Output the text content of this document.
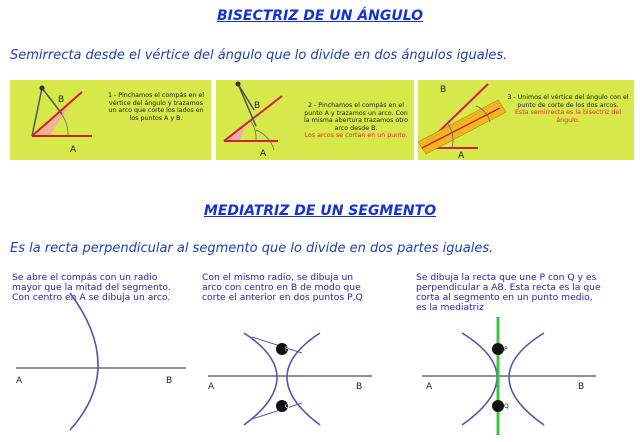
BISECTRIZ DE UN ÁNGULO
Semirrecta desde el vértice del ángulo que lo divide en dos ángulos iguales.
B
A
1 - Pinchamos el compás en el vértice del ángulo y trazamos un arco que corte los lados en los puntos A y B.
B
A
2 - Pinchamos el compás en el punto A y trazamos un arco. Con la misma abertura trazamos otro arco desde B.
Los arcos se cortan en un punto.
B
A
3 - Unimos el vértice del ángulo con el punto de corte de los dos arcos.
Esta semirrecta es la bisectriz del ángulo.
MEDIATRIZ DE UN SEGMENTO
Es la recta perpendicular al segmento que lo divide en dos partes iguales.
Se abre el compás con un radio mayor que la mitad del segmento. Con centro en A se dibuja un arco.
A	B
Con el mismo radio, se dibuja un arco con centro en B de modo que corte el anterior en dos puntos P,Q
P
Q
A	B
Se dibuja la recta que une P con Q y es perpendicular a AB. Esta recta es la que corta al segmento en un punto medio, es la mediatriz
P
Q
A	B
